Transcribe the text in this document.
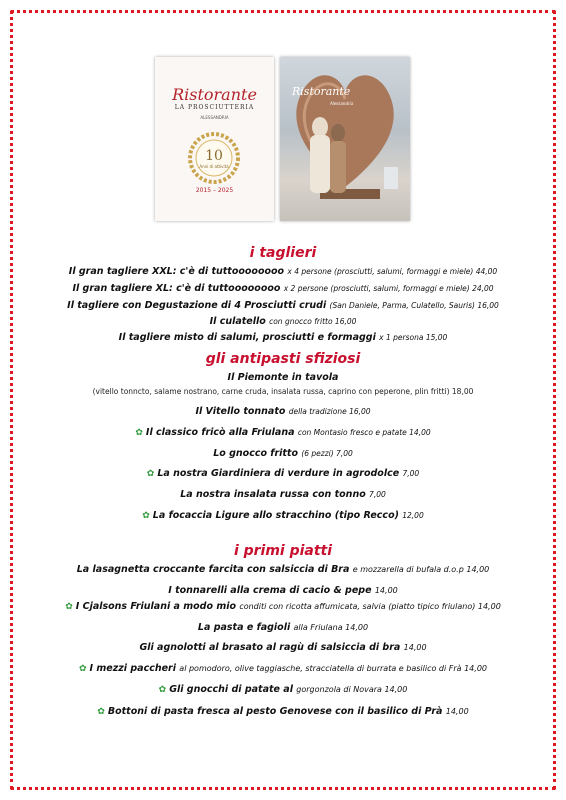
Ristorante
LA PROSCIUTTERIA
ALESSANDRIA
10
Anni di attività
2015 – 2025
Ristorante
Alessandria
i taglieri
Il gran tagliere XXL: c'è di tuttoooooooo x 4 persone (prosciutti, salumi, formaggi e miele) 44,00
Il gran tagliere XL: c'è di tuttoooooooo x 2 persone (prosciutti, salumi, formaggi e miele) 24,00
Il tagliere con Degustazione di 4 Prosciutti crudi (San Daniele, Parma, Culatello, Sauris) 16,00
Il culatello con gnocco fritto 16,00
Il tagliere misto di salumi, prosciutti e formaggi x 1 persona 15,00
gli antipasti sfiziosi
Il Piemonte in tavola
(vitello tonncto, salame nostrano, carne cruda, insalata russa, caprino con peperone, plin fritti) 18,00
Il Vitello tonnato della tradizione 16,00
✿ Il classico fricò alla Friulana con Montasio fresco e patate 14,00
Lo gnocco fritto (6 pezzi) 7,00
✿ La nostra Giardiniera di verdure in agrodolce 7,00
La nostra insalata russa con tonno 7,00
✿ La focaccia Ligure allo stracchino (tipo Recco) 12,00
i primi piatti
La lasagnetta croccante farcita con salsiccia di Bra e mozzarella di bufala d.o.p 14,00
I tonnarelli alla crema di cacio & pepe 14,00
✿ I Cjalsons Friulani a modo mio conditi con ricotta affumicata, salvia (piatto tipico friulano) 14,00
La pasta e fagioli alla Friulana 14,00
Gli agnolotti al brasato al ragù di salsiccia di bra 14,00
✿ I mezzi paccheri al pomodoro, olive taggiasche, stracciatella di burrata e basilico di Frà 14,00
✿ Gli gnocchi di patate al gorgonzola di Novara 14,00
✿ Bottoni di pasta fresca al pesto Genovese con il basilico di Prà 14,00
